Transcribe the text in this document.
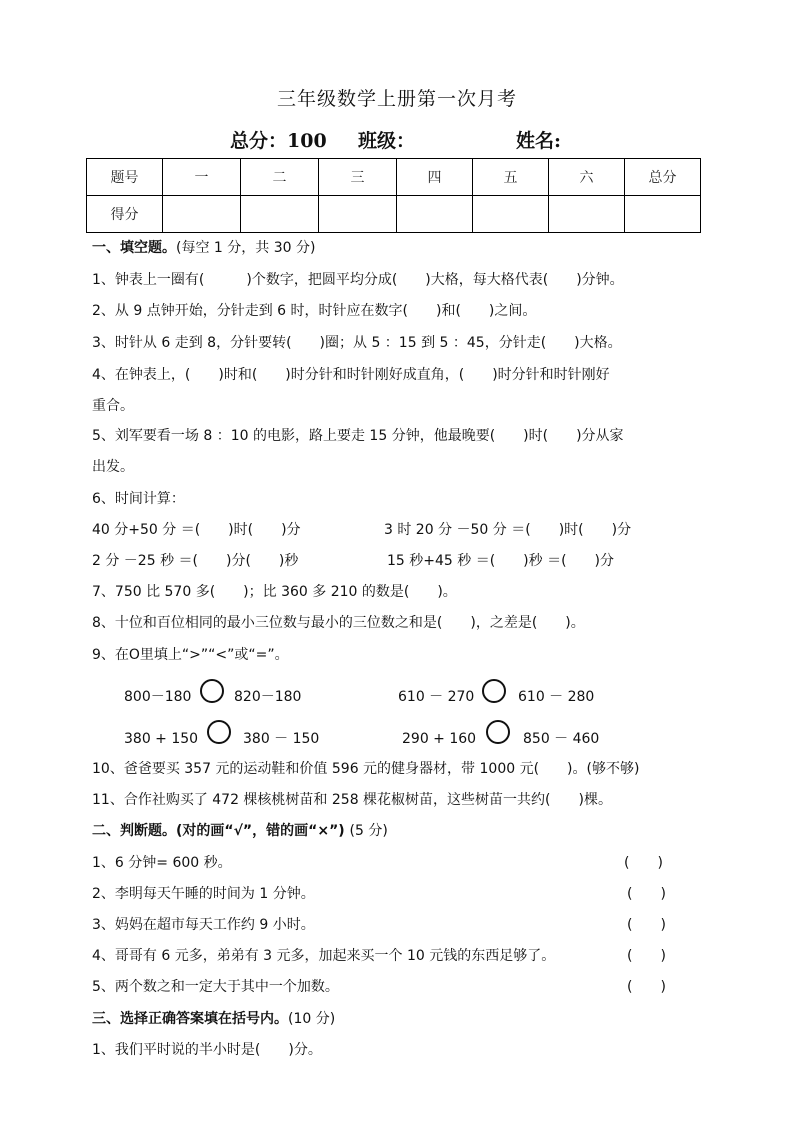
三年级数学上册第一次月考
总分：100 班级：	姓名:
题号	一	二	三	四	五	六	总分
得分							
一、填空题。(每空 1 分，共 30 分)
1、钟表上一圈有(　　　)个数字，把圆平均分成(　　)大格，每大格代表(　　)分钟。
2、从 9 点钟开始，分针走到 6 时，时针应在数字(　　)和(　　)之间。
3、时针从 6 走到 8，分针要转(　　)圈；从 5 ：15 到 5 ：45，分针走(　　)大格。
4、在钟表上，(　　)时和(　　)时分针和时针刚好成直角，(　　)时分针和时针刚好
重合。
5、刘军要看一场 8 ：10 的电影，路上要走 15 分钟，他最晚要(　　)时(　　)分从家
出发。
6、时间计算：
40 分+50 分 ＝(　　)时(　　)分	3 时 20 分 －50 分 ＝(　　)时(　　)分
2 分 －25 秒 ＝(　　)分(　　)秒	15 秒+45 秒 ＝(　　)秒 ＝(　　)分
7、750 比 570 多(　　)；比 360 多 210 的数是(　　)。
8、十位和百位相同的最小三位数与最小的三位数之和是(　　)，之差是(　　)。
9、在O里填上“>”“<”或“=”。
800－180	820－180	610 － 270	610 － 280
380 + 150	380 － 150	290 + 160	850 － 460
10、爸爸要买 357 元的运动鞋和价值 596 元的健身器材，带 1000 元(　　)。(够不够)
11、合作社购买了 472 棵核桃树苗和 258 棵花椒树苗，这些树苗一共约(　　)棵。
二、判断题。(对的画“√”，错的画“×”) (5 分)
1、6 分钟= 600 秒。	(　　)
2、李明每天午睡的时间为 1 分钟。	(　　)
3、妈妈在超市每天工作约 9 小时。	(　　)
4、哥哥有 6 元多，弟弟有 3 元多，加起来买一个 10 元钱的东西足够了。	(　　)
5、两个数之和一定大于其中一个加数。	(　　)
三、选择正确答案填在括号内。(10 分)
1、我们平时说的半小时是(　　)分。
